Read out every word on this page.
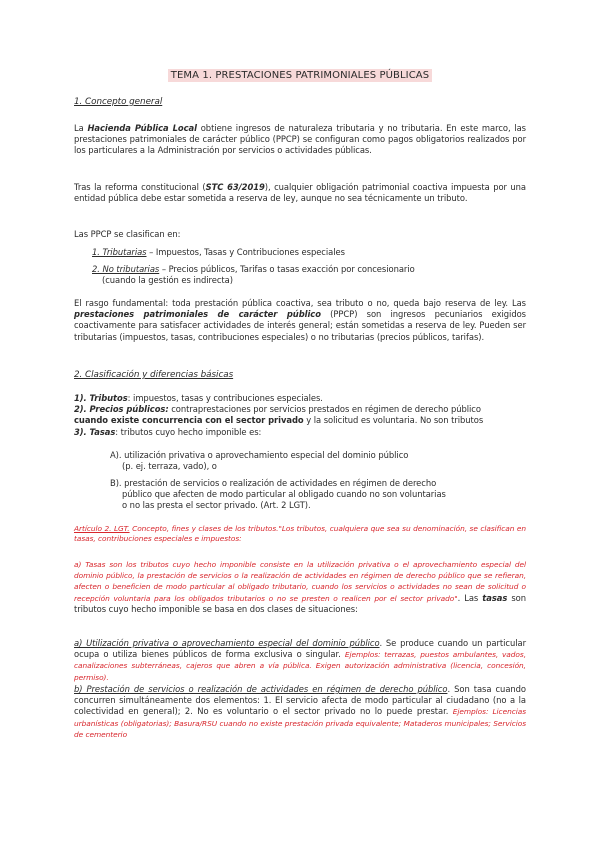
TEMA 1. PRESTACIONES PATRIMONIALES PÚBLICAS

1. Concepto general

La Hacienda Pública Local obtiene ingresos de naturaleza tributaria y no tributaria. En este marco, las prestaciones patrimoniales de carácter público (PPCP) se configuran como pagos obligatorios realizados por los particulares a la Administración por servicios o actividades públicas.

Tras la reforma constitucional (STC 63/2019), cualquier obligación patrimonial coactiva impuesta por una entidad pública debe estar sometida a reserva de ley, aunque no sea técnicamente un tributo.

Las PPCP se clasifican en:

1. Tributarias – Impuestos, Tasas y Contribuciones especiales

2. No tributarias – Precios públicos, Tarifas o tasas exacción por concesionario

(cuando la gestión es indirecta)

El rasgo fundamental: toda prestación pública coactiva, sea tributo o no, queda bajo reserva de ley. Las prestaciones patrimoniales de carácter público (PPCP) son ingresos pecuniarios exigidos coactivamente para satisfacer actividades de interés general; están sometidas a reserva de ley. Pueden ser tributarias (impuestos, tasas, contribuciones especiales) o no tributarias (precios públicos, tarifas).

2. Clasificación y diferencias básicas

1). Tributos: impuestos, tasas y contribuciones especiales.

2). Precios públicos: contraprestaciones por servicios prestados en régimen de derecho público

cuando existe concurrencia con el sector privado y la solicitud es voluntaria. No son tributos

3). Tasas: tributos cuyo hecho imponible es:

A). utilización privativa o aprovechamiento especial del dominio público

(p. ej. terraza, vado), o

B). prestación de servicios o realización de actividades en régimen de derecho

público que afecten de modo particular al obligado cuando no son voluntarias

o no las presta el sector privado. (Art. 2 LGT).

Artículo 2. LGT. Concepto, fines y clases de los tributos."Los tributos, cualquiera que sea su denominación, se clasifican en tasas, contribuciones especiales e impuestos:

a) Tasas son los tributos cuyo hecho imponible consiste en la utilización privativa o el aprovechamiento especial del dominio público, la prestación de servicios o la realización de actividades en régimen de derecho público que se refieran, afecten o beneficien de modo particular al obligado tributario, cuando los servicios o actividades no sean de solicitud o recepción voluntaria para los obligados tributarios o no se presten o realicen por el sector privado". Las tasas son tributos cuyo hecho imponible se basa en dos clases de situaciones:

a) Utilización privativa o aprovechamiento especial del dominio público. Se produce cuando un particular ocupa o utiliza bienes públicos de forma exclusiva o singular. Ejemplos: terrazas, puestos ambulantes, vados, canalizaciones subterráneas, cajeros que abren a vía pública. Exigen autorización administrativa (licencia, concesión, permiso).

b) Prestación de servicios o realización de actividades en régimen de derecho público. Son tasa cuando concurren simultáneamente dos elementos: 1. El servicio afecta de modo particular al ciudadano (no a la colectividad en general); 2. No es voluntario o el sector privado no lo puede prestar. Ejemplos: Licencias urbanísticas (obligatorias); Basura/RSU cuando no existe prestación privada equivalente; Mataderos municipales; Servicios de cementerio
